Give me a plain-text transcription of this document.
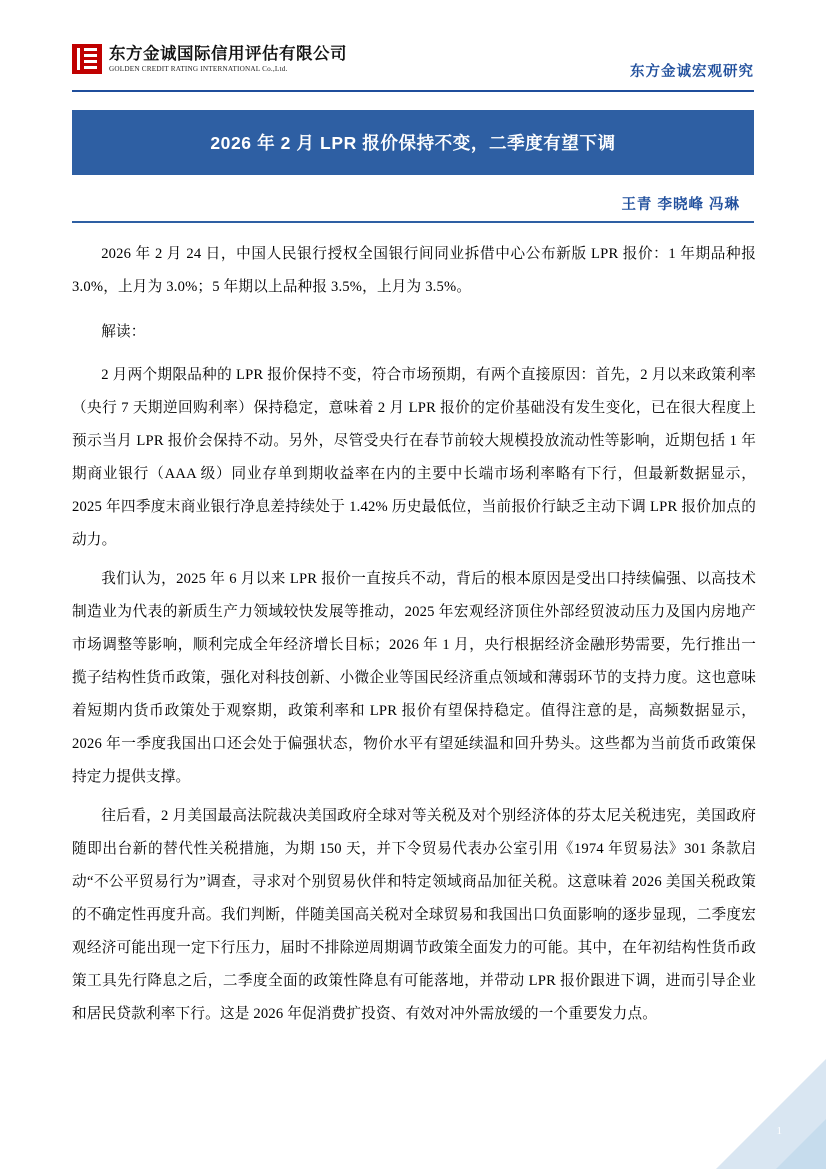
东方金诚国际信用评估有限公司
GOLDEN CREDIT RATING INTERNATIONAL Co.,Ltd.	东方金诚宏观研究
2026 年 2 月 LPR 报价保持不变，二季度有望下调
王青 李晓峰 冯琳

2026 年 2 月 24 日，中国人民银行授权全国银行间同业拆借中心公布新版 LPR 报价：1 年期品种报 3.0%，上月为 3.0%；5 年期以上品种报 3.5%，上月为 3.5%。

解读：

2 月两个期限品种的 LPR 报价保持不变，符合市场预期，有两个直接原因：首先，2 月以来政策利率（央行 7 天期逆回购利率）保持稳定，意味着 2 月 LPR 报价的定价基础没有发生变化，已在很大程度上预示当月 LPR 报价会保持不动。另外，尽管受央行在春节前较大规模投放流动性等影响，近期包括 1 年期商业银行（AAA 级）同业存单到期收益率在内的主要中长端市场利率略有下行，但最新数据显示，2025 年四季度末商业银行净息差持续处于 1.42% 历史最低位，当前报价行缺乏主动下调 LPR 报价加点的动力。

我们认为，2025 年 6 月以来 LPR 报价一直按兵不动，背后的根本原因是受出口持续偏强、以高技术制造业为代表的新质生产力领域较快发展等推动，2025 年宏观经济顶住外部经贸波动压力及国内房地产市场调整等影响，顺利完成全年经济增长目标；2026 年 1 月，央行根据经济金融形势需要，先行推出一揽子结构性货币政策，强化对科技创新、小微企业等国民经济重点领域和薄弱环节的支持力度。这也意味着短期内货币政策处于观察期，政策利率和 LPR 报价有望保持稳定。值得注意的是，高频数据显示，2026 年一季度我国出口还会处于偏强状态，物价水平有望延续温和回升势头。这些都为当前货币政策保持定力提供支撑。

往后看，2 月美国最高法院裁决美国政府全球对等关税及对个别经济体的芬太尼关税违宪，美国政府随即出台新的替代性关税措施，为期 150 天，并下令贸易代表办公室引用《1974 年贸易法》301 条款启动“不公平贸易行为”调查，寻求对个别贸易伙伴和特定领域商品加征关税。这意味着 2026 美国关税政策的不确定性再度升高。我们判断，伴随美国高关税对全球贸易和我国出口负面影响的逐步显现，二季度宏观经济可能出现一定下行压力，届时不排除逆周期调节政策全面发力的可能。其中，在年初结构性货币政策工具先行降息之后，二季度全面的政策性降息有可能落地，并带动 LPR 报价跟进下调，进而引导企业和居民贷款利率下行。这是 2026 年促消费扩投资、有效对冲外需放缓的一个重要发力点。

1
